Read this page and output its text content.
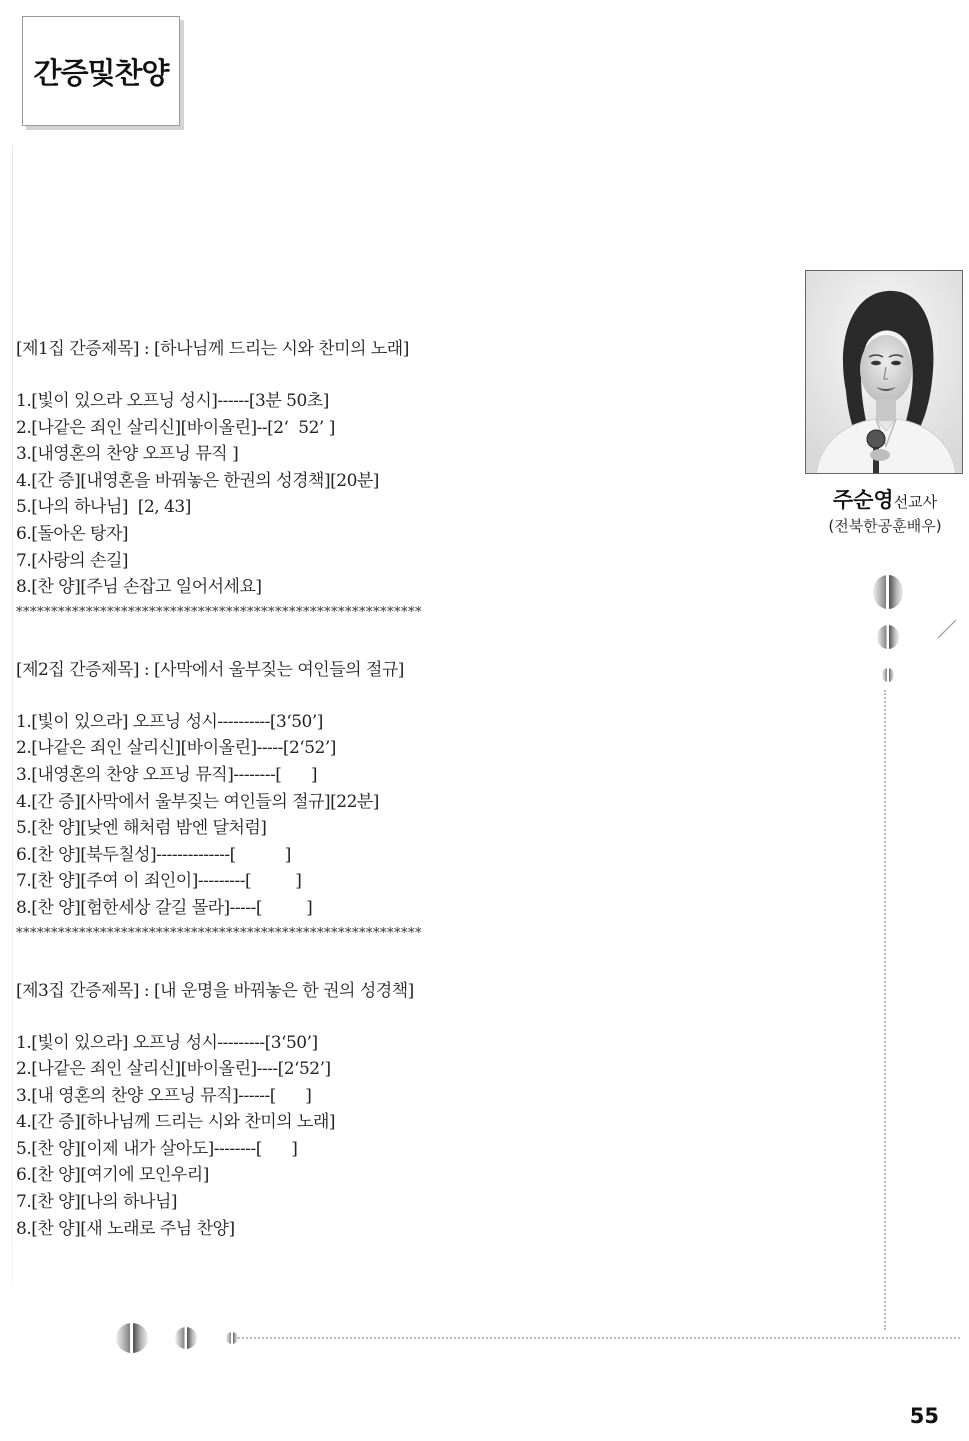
간증및찬양
[제1집 간증제목] : [하나님께 드리는 시와 찬미의 노래]
1.[빛이 있으라 오프닝 성시]------[3분 50초]
2.[나같은 죄인 살리신][바이올린]--[2‘  52’ ]
3.[내영혼의 찬양 오프닝 뮤직 ]
4.[간 증][내영혼을 바꿔놓은 한권의 성경책][20분]
5.[나의 하나님]  [2, 43]
6.[돌아온 탕자]
7.[사랑의 손길]
8.[찬 양][주님 손잡고 일어서세요]
**********************************************************
[제2집 간증제목] : [사막에서 울부짖는 여인들의 절규]
1.[빛이 있으라] 오프닝 성시----------[3‘50’]
2.[나같은 죄인 살리신][바이올린]-----[2‘52’]
3.[내영혼의 찬양 오프닝 뮤직]--------[      ]
4.[간 증][사막에서 울부짖는 여인들의 절규][22분]
5.[찬 양][낮엔 해처럼 밤엔 달처럼]
6.[찬 양][북두칠성]--------------[          ]
7.[찬 양][주여 이 죄인이]---------[         ]
8.[찬 양][험한세상 갈길 몰라]-----[         ]
**********************************************************
[제3집 간증제목] : [내 운명을 바꿔놓은 한 권의 성경책]
1.[빛이 있으라] 오프닝 성시---------[3‘50’]
2.[나같은 죄인 살리신][바이올린]----[2‘52’]
3.[내 영혼의 찬양 오프닝 뮤직]------[      ]
4.[간 증][하나님께 드리는 시와 찬미의 노래]
5.[찬 양][이제 내가 살아도]--------[      ]
6.[찬 양][여기에 모인우리]
7.[찬 양][나의 하나님]
8.[찬 양][새 노래로 주님 찬양]
주순영선교사
(전북한공훈배우)
55
